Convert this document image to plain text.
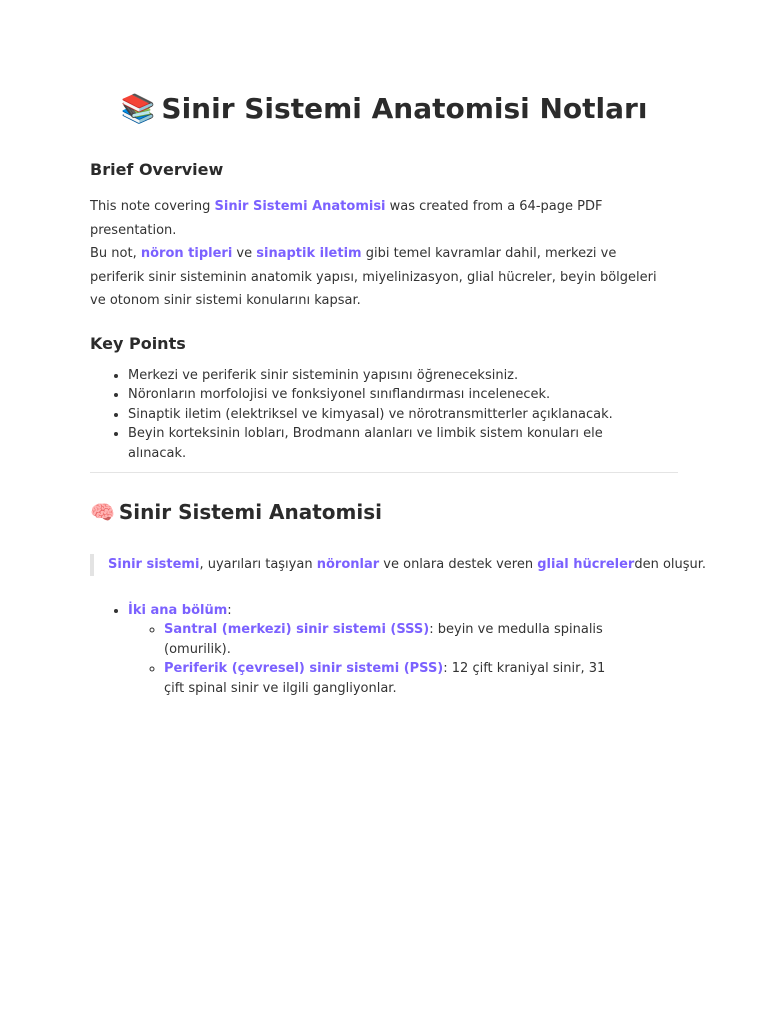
📚 Sinir Sistemi Anatomisi Notları
Brief Overview
This note covering Sinir Sistemi Anatomisi was created from a 64-page PDF presentation.
Bu not, nöron tipleri ve sinaptik iletim gibi temel kavramlar dahil, merkezi ve periferik sinir sisteminin anatomik yapısı, miyelinizasyon, glial hücreler, beyin bölgeleri ve otonom sinir sistemi konularını kapsar.
Key Points
• Merkezi ve periferik sinir sisteminin yapısını öğreneceksiniz.
• Nöronların morfolojisi ve fonksiyonel sınıflandırması incelenecek.
• Sinaptik iletim (elektriksel ve kimyasal) ve nörotransmitterler açıklanacak.
• Beyin korteksinin lobları, Brodmann alanları ve limbik sistem konuları ele alınacak.
🧠 Sinir Sistemi Anatomisi
Sinir sistemi, uyarıları taşıyan nöronlar ve onlara destek veren glial hücrelerden oluşur.
• İki ana bölüm:
◦ Santral (merkezi) sinir sistemi (SSS): beyin ve medulla spinalis (omurilik).
◦ Periferik (çevresel) sinir sistemi (PSS): 12 çift kraniyal sinir, 31 çift spinal sinir ve ilgili gangliyonlar.
